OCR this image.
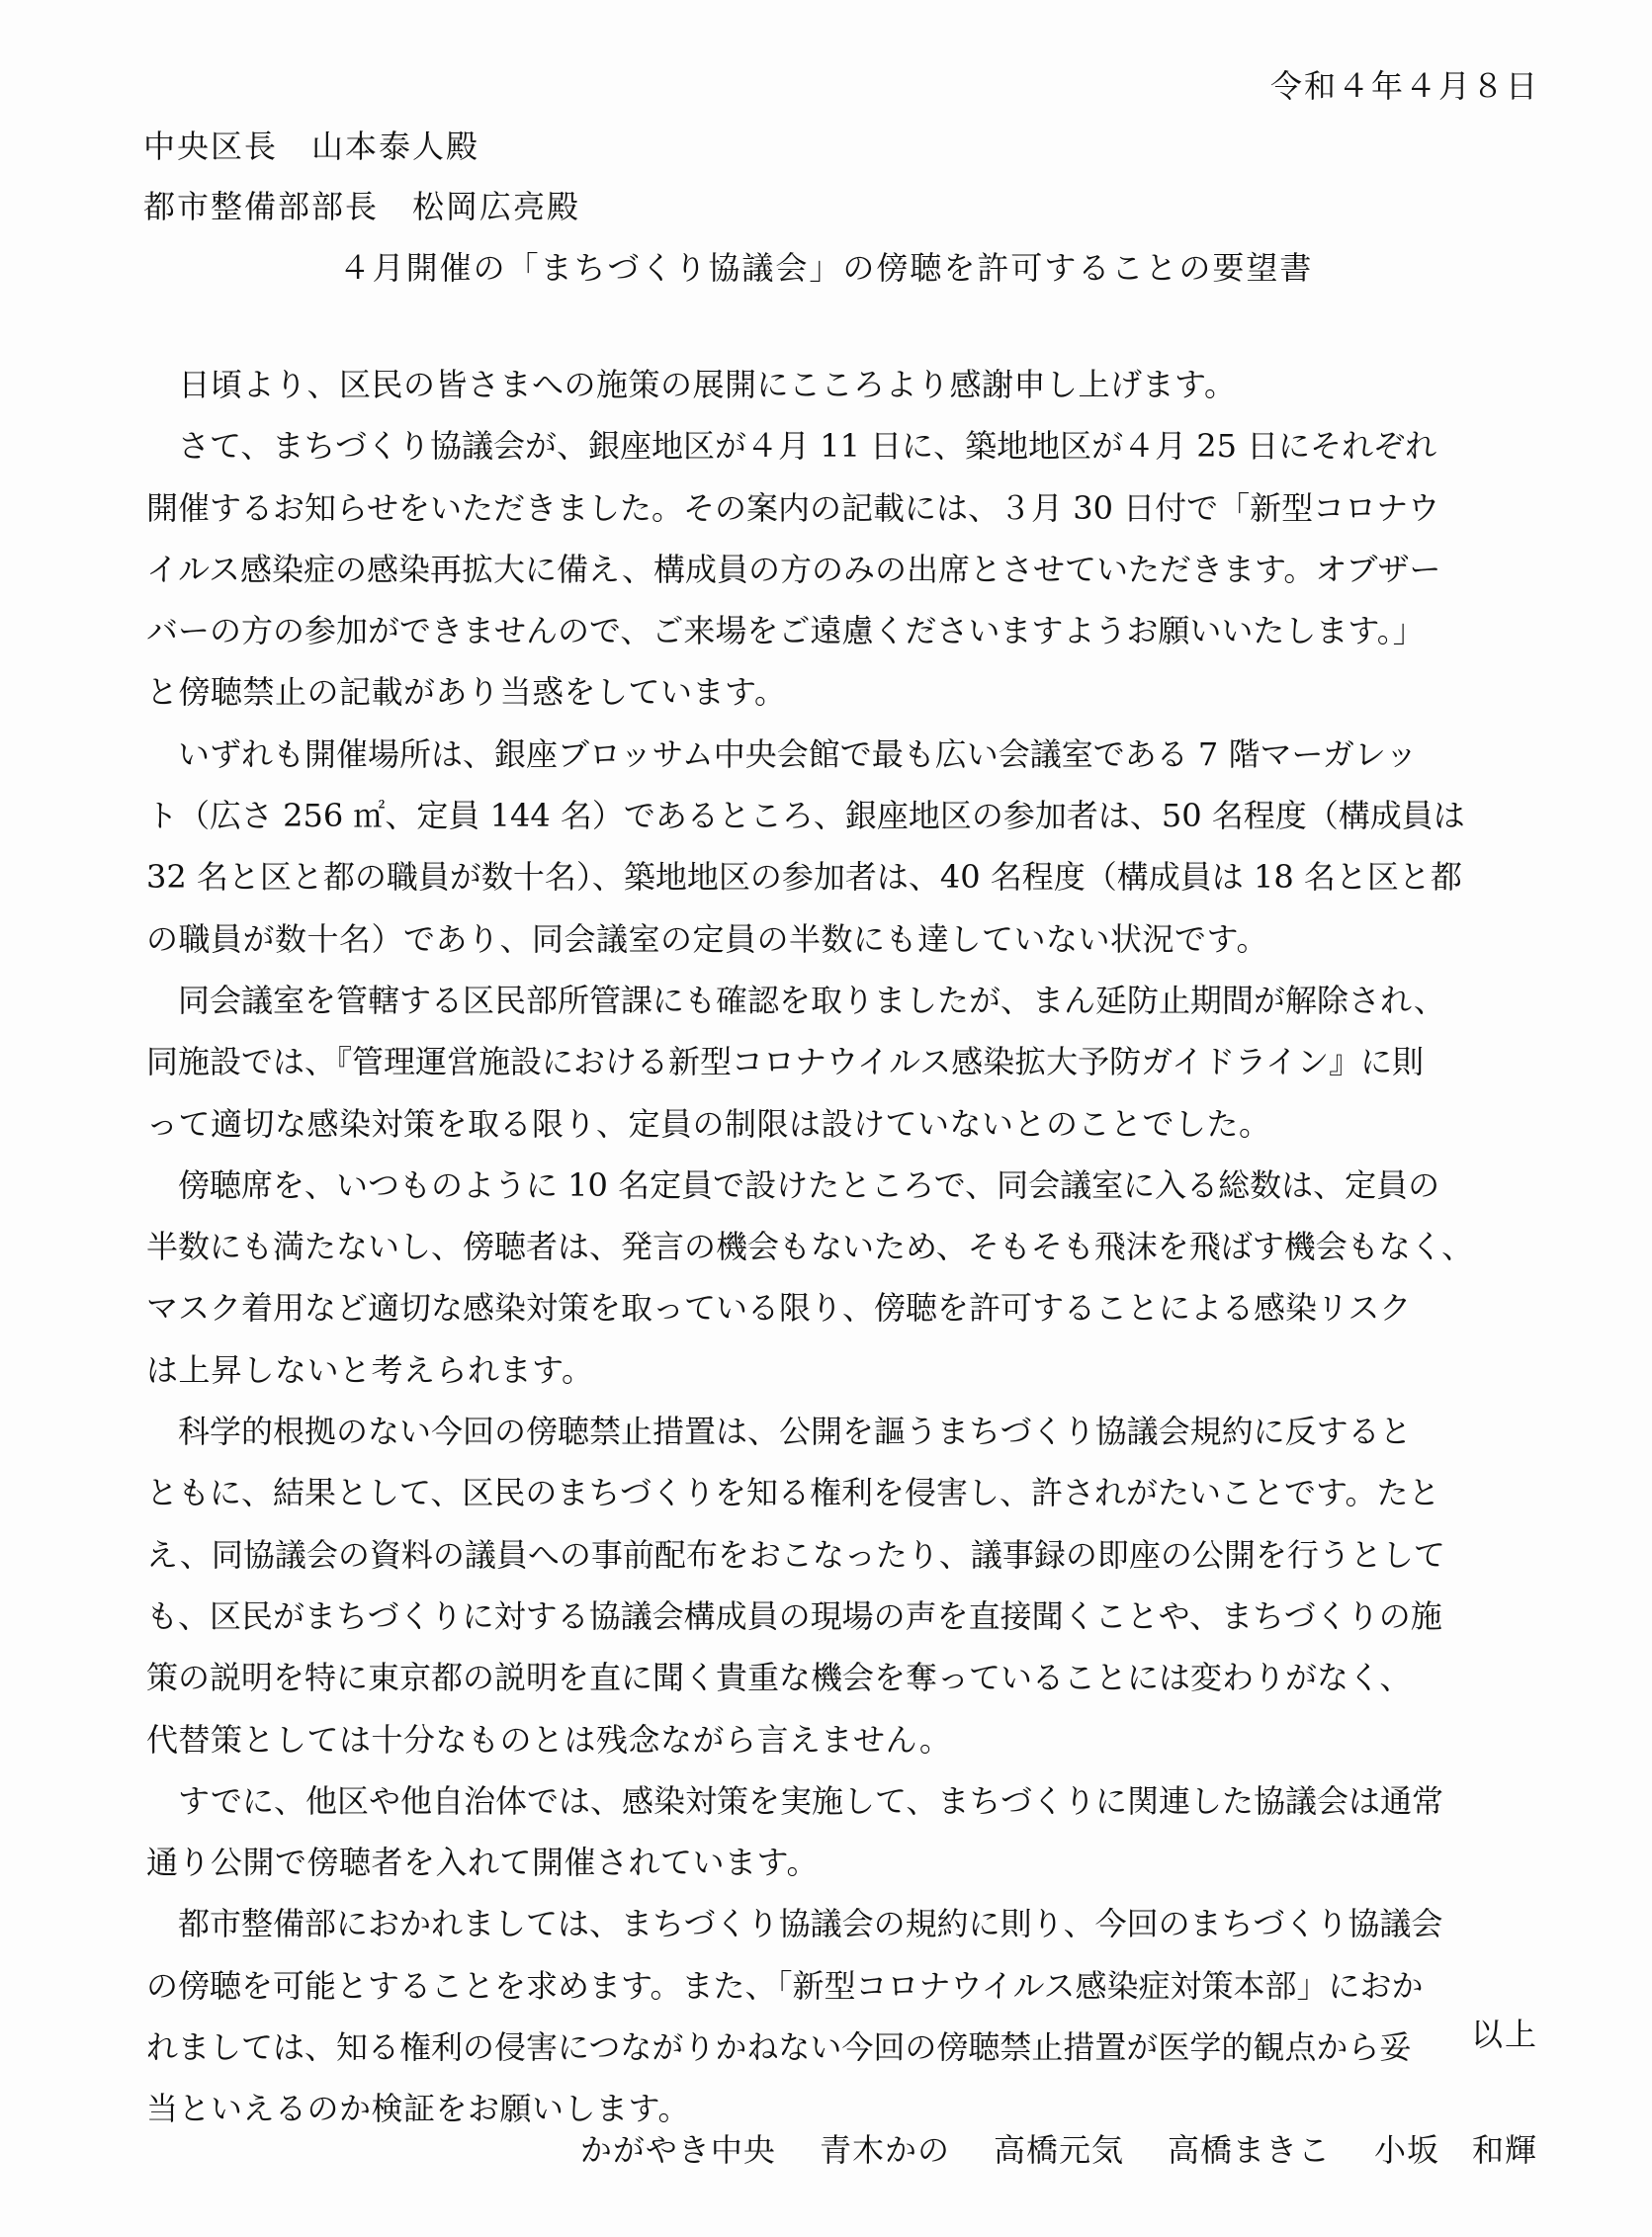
令和４年４月８日
中央区長　山本泰人殿
都市整備部部長　松岡広亮殿
４月開催の「まちづくり協議会」の傍聴を許可することの要望書
　日頃より、区民の皆さまへの施策の展開にこころより感謝申し上げます。
　さて、まちづくり協議会が、銀座地区が４月 11 日に、築地地区が４月 25 日にそれぞれ
開催するお知らせをいただきました。その案内の記載には、３月 30 日付で「新型コロナウ
イルス感染症の感染再拡大に備え、構成員の方のみの出席とさせていただきます。オブザー
バーの方の参加ができませんので、ご来場をご遠慮くださいますようお願いいたします。」
と傍聴禁止の記載があり当惑をしています。
　いずれも開催場所は、銀座ブロッサム中央会館で最も広い会議室である 7 階マーガレッ
ト（広さ 256 ㎡、定員 144 名）であるところ、銀座地区の参加者は、50 名程度（構成員は
32 名と区と都の職員が数十名）、築地地区の参加者は、40 名程度（構成員は 18 名と区と都
の職員が数十名）であり、同会議室の定員の半数にも達していない状況です。
　同会議室を管轄する区民部所管課にも確認を取りましたが、まん延防止期間が解除され、
同施設では、『管理運営施設における新型コロナウイルス感染拡大予防ガイドライン』に則
って適切な感染対策を取る限り、定員の制限は設けていないとのことでした。
　傍聴席を、いつものように 10 名定員で設けたところで、同会議室に入る総数は、定員の
半数にも満たないし、傍聴者は、発言の機会もないため、そもそも飛沫を飛ばす機会もなく、
マスク着用など適切な感染対策を取っている限り、傍聴を許可することによる感染リスク
は上昇しないと考えられます。
　科学的根拠のない今回の傍聴禁止措置は、公開を謳うまちづくり協議会規約に反すると
ともに、結果として、区民のまちづくりを知る権利を侵害し、許されがたいことです。たと
え、同協議会の資料の議員への事前配布をおこなったり、議事録の即座の公開を行うとして
も、区民がまちづくりに対する協議会構成員の現場の声を直接聞くことや、まちづくりの施
策の説明を特に東京都の説明を直に聞く貴重な機会を奪っていることには変わりがなく、
代替策としては十分なものとは残念ながら言えません。
　すでに、他区や他自治体では、感染対策を実施して、まちづくりに関連した協議会は通常
通り公開で傍聴者を入れて開催されています。
　都市整備部におかれましては、まちづくり協議会の規約に則り、今回のまちづくり協議会
の傍聴を可能とすることを求めます。また、「新型コロナウイルス感染症対策本部」におか
れましては、知る権利の侵害につながりかねない今回の傍聴禁止措置が医学的観点から妥
当といえるのか検証をお願いします。
以上
かがやき中央 青木かの 高橋元気 高橋まきこ 小坂　和輝
